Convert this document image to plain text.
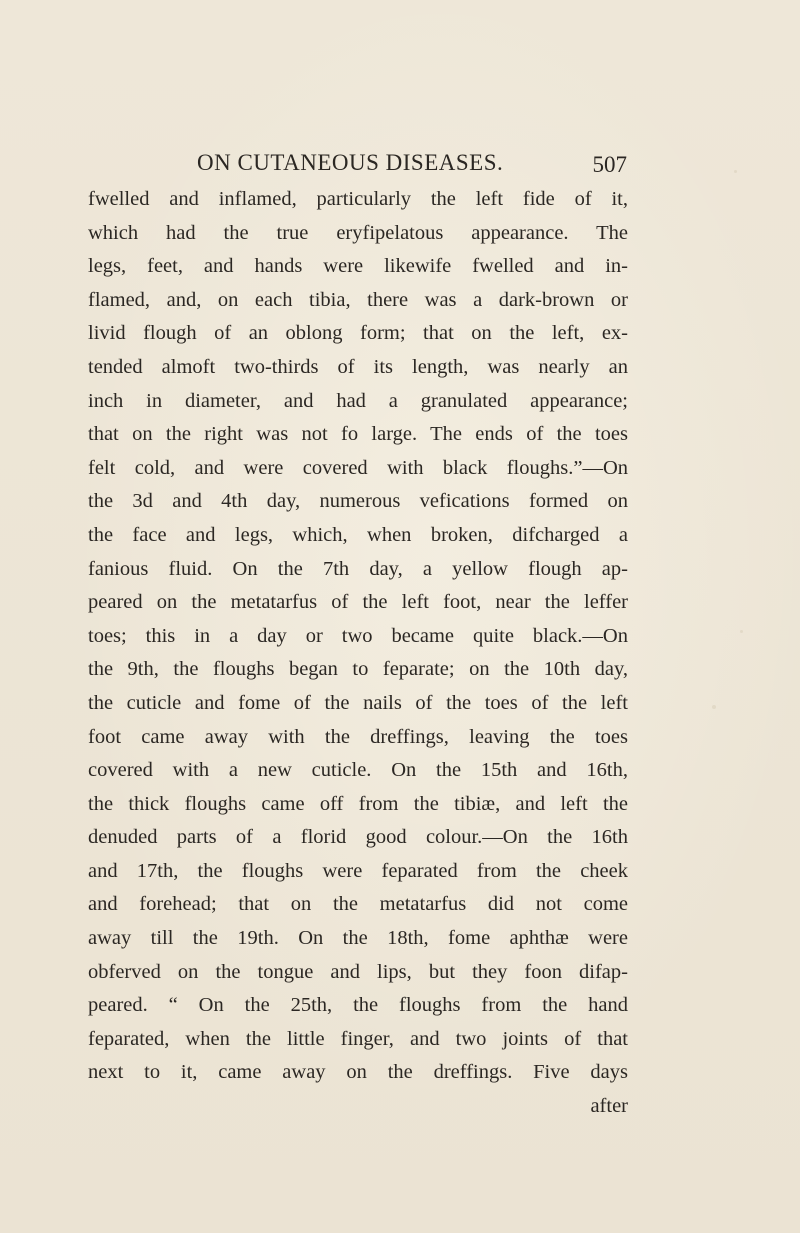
ON CUTANEOUS DISEASES.	507
fwelled and inflamed, particularly the left fide of it,
which had the true eryfipelatous appearance. The
legs, feet, and hands were likewife fwelled and in-
flamed, and, on each tibia, there was a dark-brown or
livid flough of an oblong form; that on the left, ex-
tended almoft two-thirds of its length, was nearly an
inch in diameter, and had a granulated appearance;
that on the right was not fo large. The ends of the toes
felt cold, and were covered with black floughs.”—On
the 3d and 4th day, numerous vefications formed on
the face and legs, which, when broken, difcharged a
fanious fluid. On the 7th day, a yellow flough ap-
peared on the metatarfus of the left foot, near the leffer
toes; this in a day or two became quite black.—On
the 9th, the floughs began to feparate; on the 10th day,
the cuticle and fome of the nails of the toes of the left
foot came away with the dreffings, leaving the toes
covered with a new cuticle. On the 15th and 16th,
the thick floughs came off from the tibiæ, and left the
denuded parts of a florid good colour.—On the 16th
and 17th, the floughs were feparated from the cheek
and forehead; that on the metatarfus did not come
away till the 19th. On the 18th, fome aphthæ were
obferved on the tongue and lips, but they foon difap-
peared. “ On the 25th, the floughs from the hand
feparated, when the little finger, and two joints of that
next to it, came away on the dreffings. Five days
after
